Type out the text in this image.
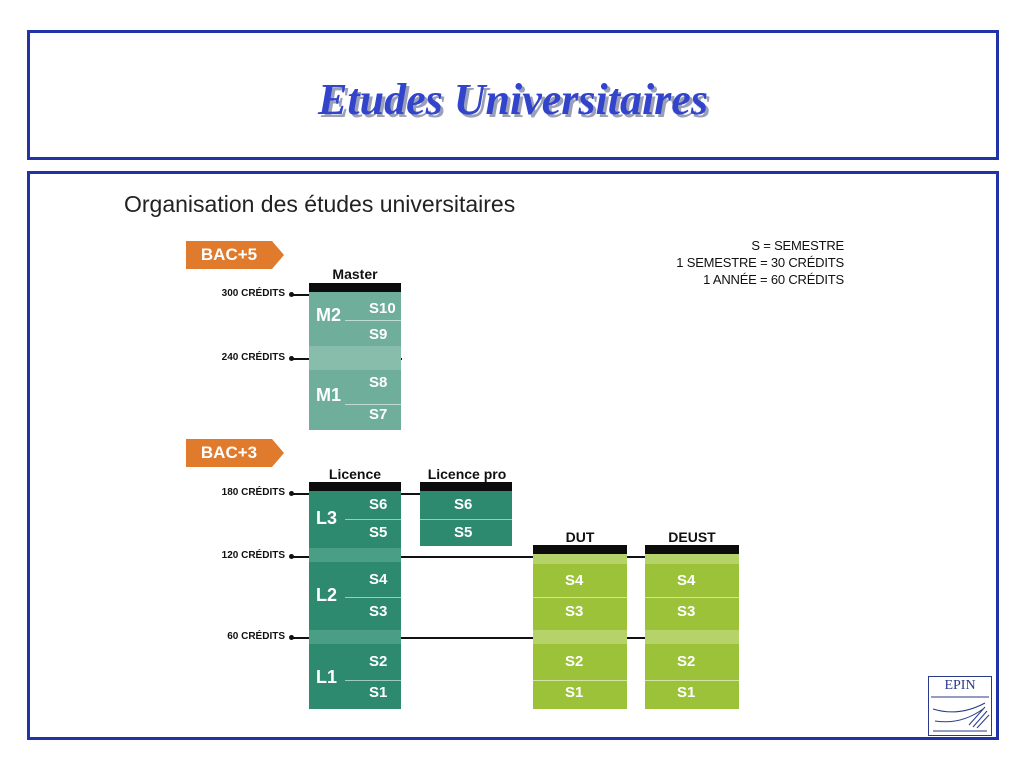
Etudes Universitaires
Organisation des études universitaires
S = SEMESTRE
1 SEMESTRE = 30 CRÉDITS
1 ANNÉE = 60 CRÉDITS
BAC+5
BAC+3
300 CRÉDITS
240 CRÉDITS
180 CRÉDITS
120 CRÉDITS
60 CRÉDITS
Master
M2 S10
S9
M1
S8
S7
Licence
L3
S6
S5
L2
S4
S3
L1
S2
S1
Licence pro
S6
S5	DUT
S4
S3
S2
S1
DEUST
S4
S3
S2
S1	EPIN
